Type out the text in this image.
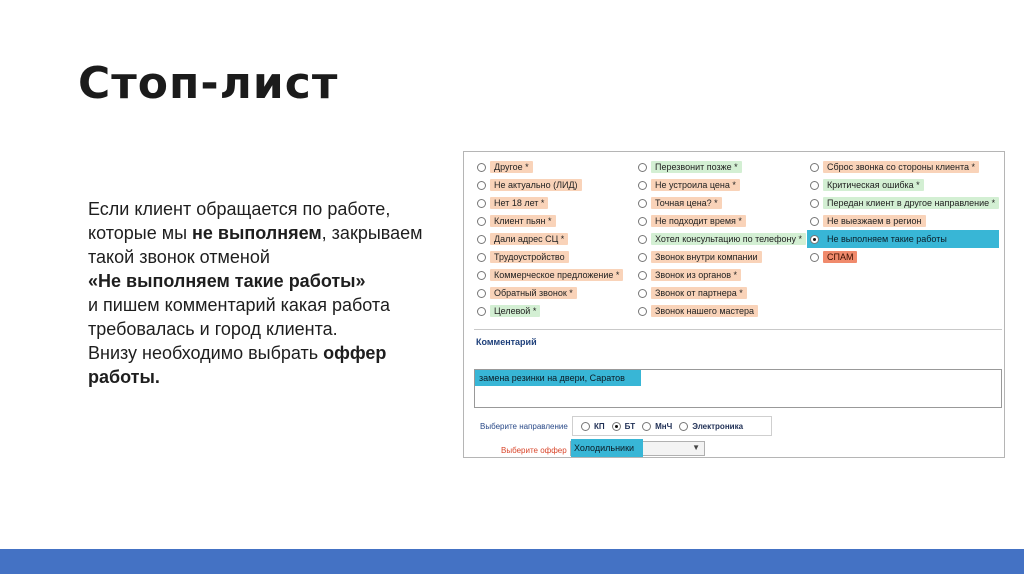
Стоп-лист

Если клиент обращается по работе, которые мы не выполняем, закрываем такой звонок отменой

«Не выполняем такие работы»

и пишем комментарий какая работа требовалась и город клиента.

Внизу необходимо выбрать оффер работы.

Другое *
Не актуально (ЛИД)
Нет 18 лет *
Клиент пьян *
Дали адрес СЦ *
Трудоустройство
Коммерческое предложение *
Обратный звонок *
Целевой *
Перезвонит позже *
Не устроила цена *
Точная цена? *
Не подходит время *
Хотел консультацию по телефону *
Звонок внутри компании
Звонок из органов *
Звонок от партнера *
Звонок нашего мастера
Сброс звонка со стороны клиента *
Критическая ошибка *
Передан клиент в другое направление *
Не выезжаем в регион
Не выполняем такие работы
СПАМ
Комментарий
замена резинки на двери, Саратов
Выберите направление	КП	БТ	МнЧ	Электроника
Выберите оффер Холодильники	▼
